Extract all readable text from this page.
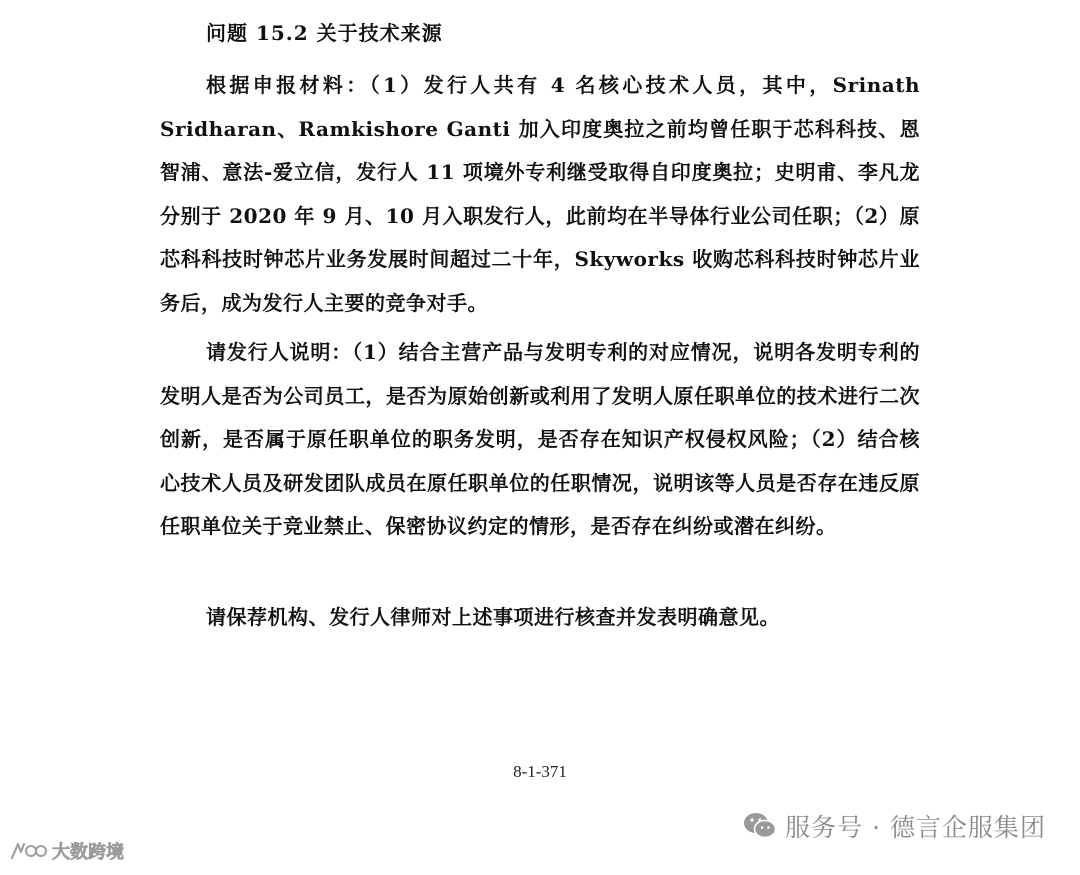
问题 15.2 关于技术来源
根据申报材料：（1）发行人共有 4 名核心技术人员，其中，Srinath Sridharan、Ramkishore Ganti 加入印度奥拉之前均曾任职于芯科科技、恩智浦、意法-爱立信，发行人 11 项境外专利继受取得自印度奥拉；史明甫、李凡龙分别于 2020 年 9 月、10 月入职发行人，此前均在半导体行业公司任职；（2）原芯科科技时钟芯片业务发展时间超过二十年，Skyworks 收购芯科科技时钟芯片业务后，成为发行人主要的竞争对手。
请发行人说明：（1）结合主营产品与发明专利的对应情况，说明各发明专利的发明人是否为公司员工，是否为原始创新或利用了发明人原任职单位的技术进行二次创新，是否属于原任职单位的职务发明，是否存在知识产权侵权风险；（2）结合核心技术人员及研发团队成员在原任职单位的任职情况，说明该等人员是否存在违反原任职单位关于竞业禁止、保密协议约定的情形，是否存在纠纷或潜在纠纷。
请保荐机构、发行人律师对上述事项进行核查并发表明确意见。
8-1-371
服务号 · 德言企服集团
大数跨境
